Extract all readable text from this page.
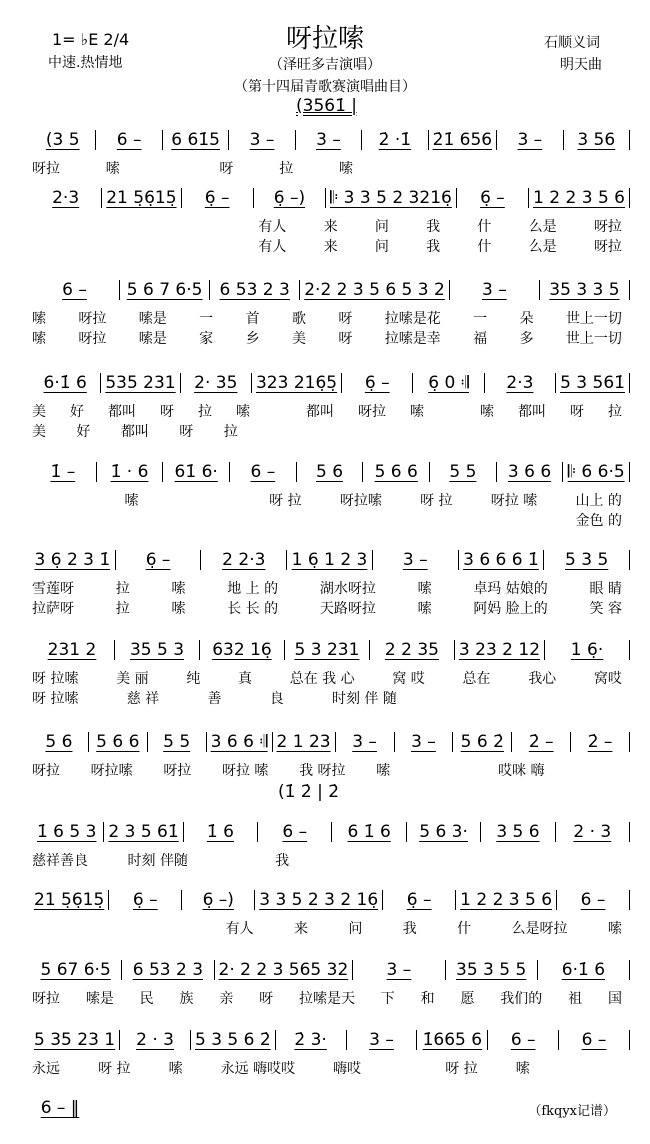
1= ♭E 2/4	呀拉嗦	石顺义词
中速.热情地	明天曲
（泽旺多吉演唱）
（第十四届青歌赛演唱曲目）
(3561̇ |
（fkqyx记谱）
(3 5	6 –	6 61̇5	3 –	3 –	2̇ ·1̇	2̇1̇ 656	3 –	3 56
呀拉	嗦	呀	拉	嗦
2·3	21 5̣6̣15̣	6̣ –	6̣ –)	𝄆 3 3 5 2 3216̣	6̣ –	1 2 2 3 5 6
有人	来	问	我	什	么是	呀拉
有人	来	问	我	什	么是	呀拉
6 –	5 6 7 6·5	6 53 2 3 2·2 2 3 5 6 5 3 2	3 –	35 3 3 5
嗦 呀拉 嗦是 一 首 歌 呀 拉嗦是花 一 朵 世上一切
嗦 呀拉 嗦是 家 乡 美 呀 拉嗦是幸 福 多 世上一切
6·1̇ 6	535 231	2· 35	323 216̣5̣	6̣ –	6̣ 0 𝄇	2·3	5 3 561̇
美 好 都叫 呀 拉 嗦	都叫 呀拉 嗦	嗦 都叫 呀 拉
美 好 都叫 呀 拉
1̇ –	1̇ · 6	61̇ 6·	6 –	5 6	5 6 6	5 5	3 6 6 𝄆 6 6·5
嗦	呀 拉	呀拉嗦	呀 拉	呀拉 嗦	山上 的
金色 的
3 6̣ 2 3 1̇	6̣ –	2 2·3	1 6̣ 1 2 3	3 –	3 6 6 6 1̇	5 3 5
雪莲呀	拉	嗦	地 上 的	湖水呀拉	嗦	卓玛 姑娘的	眼 睛
拉萨呀	拉	嗦	长 长 的	天路呀拉	嗦	阿妈 脸上的	笑 容
231 2	35 5 3	632 16̣	5 3 231	2 2 35	3 23 2 12	1 6̣·
呀 拉嗦	美 丽	纯	真	总在 我 心	窝 哎	总在	我心	窝哎
呀 拉嗦	慈 祥	善	良	时刻 伴 随
5 6	5 6 6	5 5	3 6 6 𝄇 2 1 23	3 –	3 –	5 6 2̇	2̇ –	2̇ –
呀拉 呀拉嗦 呀拉 呀拉 嗦 我 呀拉 嗦	哎咪 嗨
(1̇ 2̇ | 2̇
1̇ 6 5 3 2 3 5 61̇	1̇ 6	6 –	6 1̇ 6	5 6 3·	3 5 6	2 · 3
慈祥善良	时刻 伴随	我
21 5̣6̣15̣	6̣ –	6̣ –)	3 3 5 2 3 2 16̣	6̣ –	1 2 2 3 5 6	6 –
有人	来	问	我	什	么是呀拉	嗦
5 67 6·5	6 53 2 3 2· 2 2 3 565 32	3 –	35 3 5 5	6·1̇ 6
呀拉 嗦是 民 族 亲 呀 拉嗦是天 下 和 愿 我们的 祖 国
5 35 23 1	2 · 3	5 3 5 6 2̇	2̇ 3·	3 –	1̇665 6	6 –	6 –
永远	呀 拉	嗦	永远 嗨哎哎	嗨哎	呀 拉	嗦
6 – ‖
